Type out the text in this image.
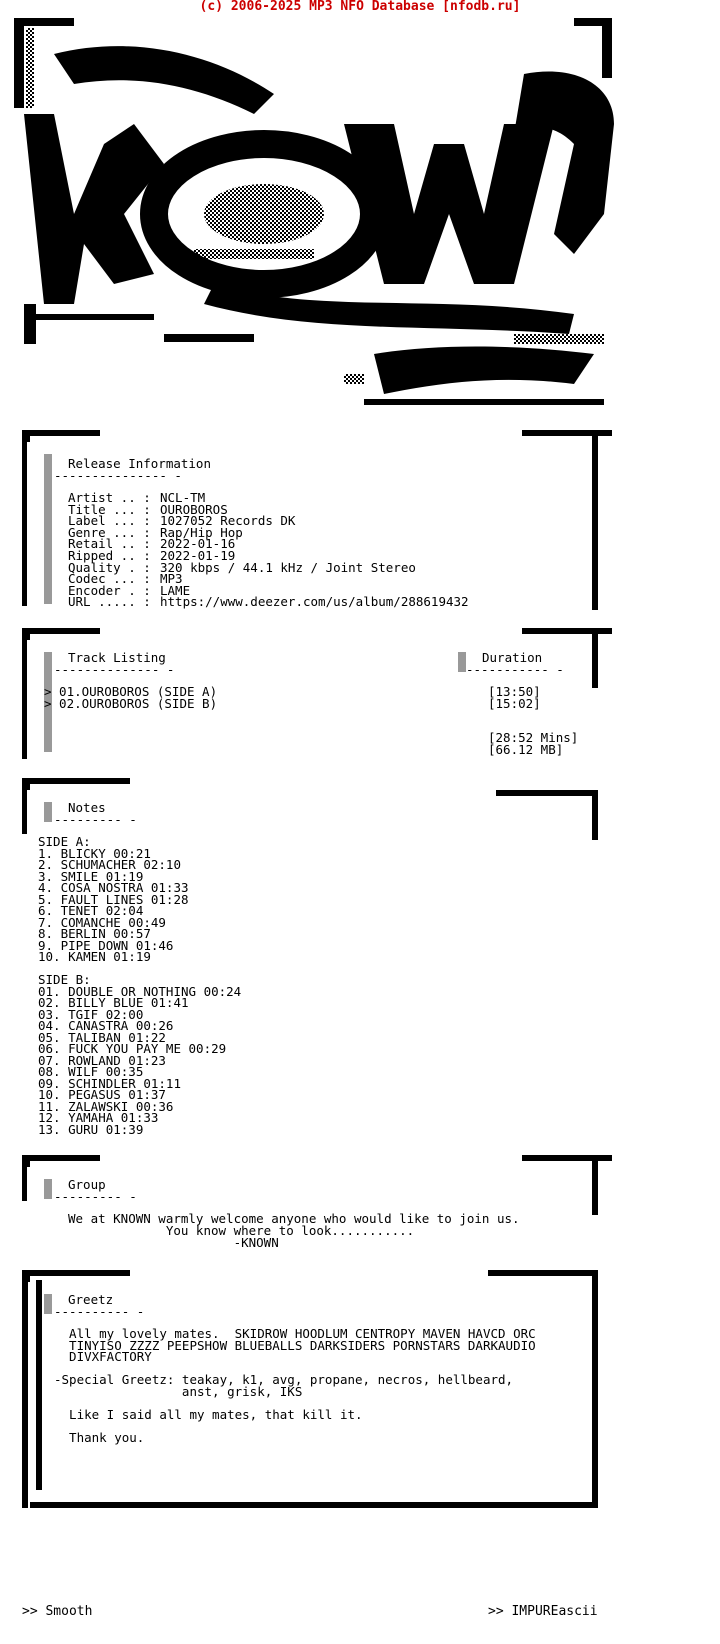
(c) 2006-2025 MP3 NFO Database [nfodb.ru]
sM
Release Information
--------------- -
Artist .. : NCL-TM
Title ... : OUROBOROS
Label ... : 1027052 Records DK
Genre ... : Rap/Hip Hop
Retail .. : 2022-01-16
Ripped .. : 2022-01-19
Quality . : 320 kbps / 44.1 kHz / Joint Stereo
Codec ... : MP3
Encoder . : LAME
URL ..... : https://www.deezer.com/us/album/288619432
Track Listing
-------------- -
Duration
----------- -
> 01.OUROBOROS (SIDE A)	[13:50]
> 02.OUROBOROS (SIDE B)	[15:02]
[28:52 Mins]
[66.12 MB]
Notes
--------- -
SIDE A:
1. BLICKY 00:21
2. SCHUMACHER 02:10
3. SMILE 01:19
4. COSA NOSTRA 01:33
5. FAULT LINES 01:28
6. TENET 02:04
7. COMANCHE 00:49
8. BERLIN 00:57
9. PIPE DOWN 01:46
10. KAMEN 01:19
SIDE B:
01. DOUBLE OR NOTHING 00:24
02. BILLY BLUE 01:41
03. TGIF 02:00
04. CANASTRA 00:26
05. TALIBAN 01:22
06. FUCK YOU PAY ME 00:29
07. ROWLAND 01:23
08. WILF 00:35
09. SCHINDLER 01:11
10. PEGASUS 01:37
11. ZALAWSKI 00:36
12. YAMAHA 01:33
13. GURU 01:39
Group
--------- -
We at KNOWN warmly welcome anyone who would like to join us.
You know where to look...........
-KNOWN
Greetz
---------- -
All my lovely mates.  SKIDROW HOODLUM CENTROPY MAVEN HAVCD ORC
TINYISO ZZZZ PEEPSHOW BLUEBALLS DARKSIDERS PORNSTARS DARKAUDIO
DIVXFACTORY
-Special Greetz: teakay, k1, avg, propane, necros, hellbeard,
anst, grisk, IKS
Like I said all my mates, that kill it.
Thank you.
>> Smooth	>> IMPUREascii
